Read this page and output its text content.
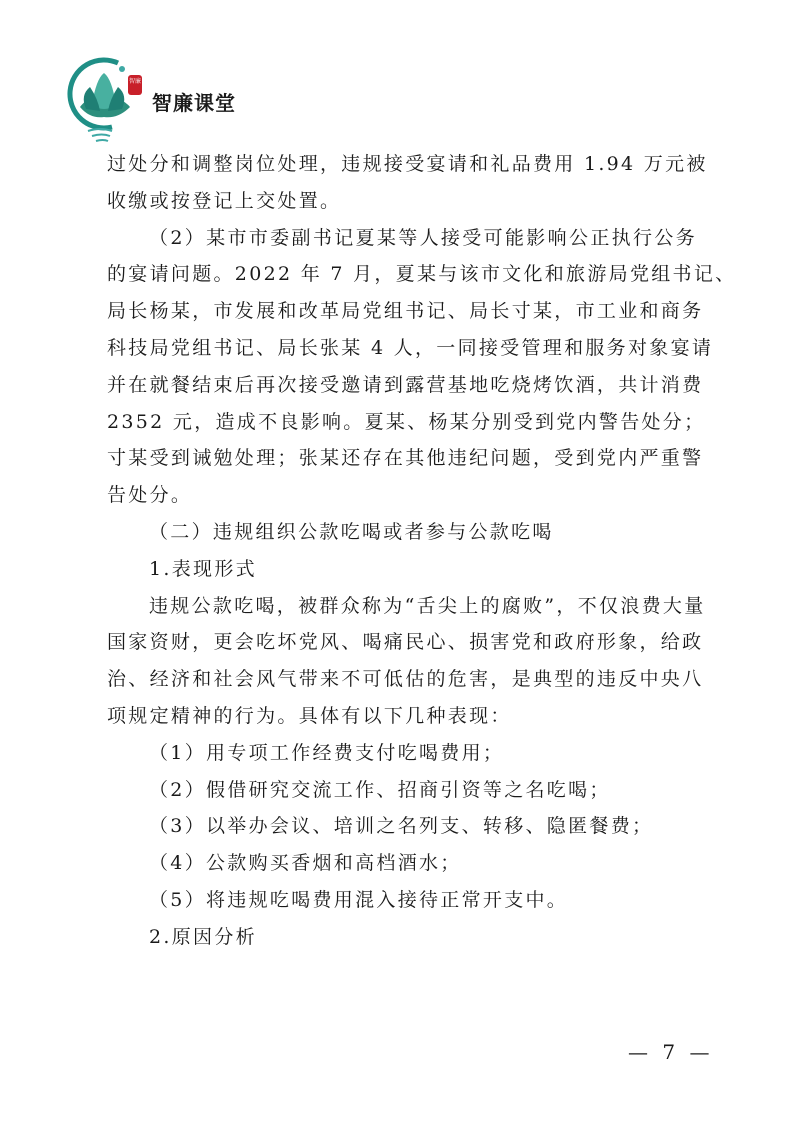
智廉
智廉课堂
过处分和调整岗位处理，违规接受宴请和礼品费用 1.94 万元被
收缴或按登记上交处置。
（2）某市市委副书记夏某等人接受可能影响公正执行公务
的宴请问题。2022 年 7 月，夏某与该市文化和旅游局党组书记、
局长杨某，市发展和改革局党组书记、局长寸某，市工业和商务
科技局党组书记、局长张某 4 人，一同接受管理和服务对象宴请
并在就餐结束后再次接受邀请到露营基地吃烧烤饮酒，共计消费
2352 元，造成不良影响。夏某、杨某分别受到党内警告处分；
寸某受到诫勉处理；张某还存在其他违纪问题，受到党内严重警
告处分。
（二）违规组织公款吃喝或者参与公款吃喝
1.表现形式
违规公款吃喝，被群众称为“舌尖上的腐败”，不仅浪费大量
国家资财，更会吃坏党风、喝痛民心、损害党和政府形象，给政
治、经济和社会风气带来不可低估的危害，是典型的违反中央八
项规定精神的行为。具体有以下几种表现：
（1）用专项工作经费支付吃喝费用；
（2）假借研究交流工作、招商引资等之名吃喝；
（3）以举办会议、培训之名列支、转移、隐匿餐费；
（4）公款购买香烟和高档酒水；
（5）将违规吃喝费用混入接待正常开支中。
2.原因分析
— 7 —
